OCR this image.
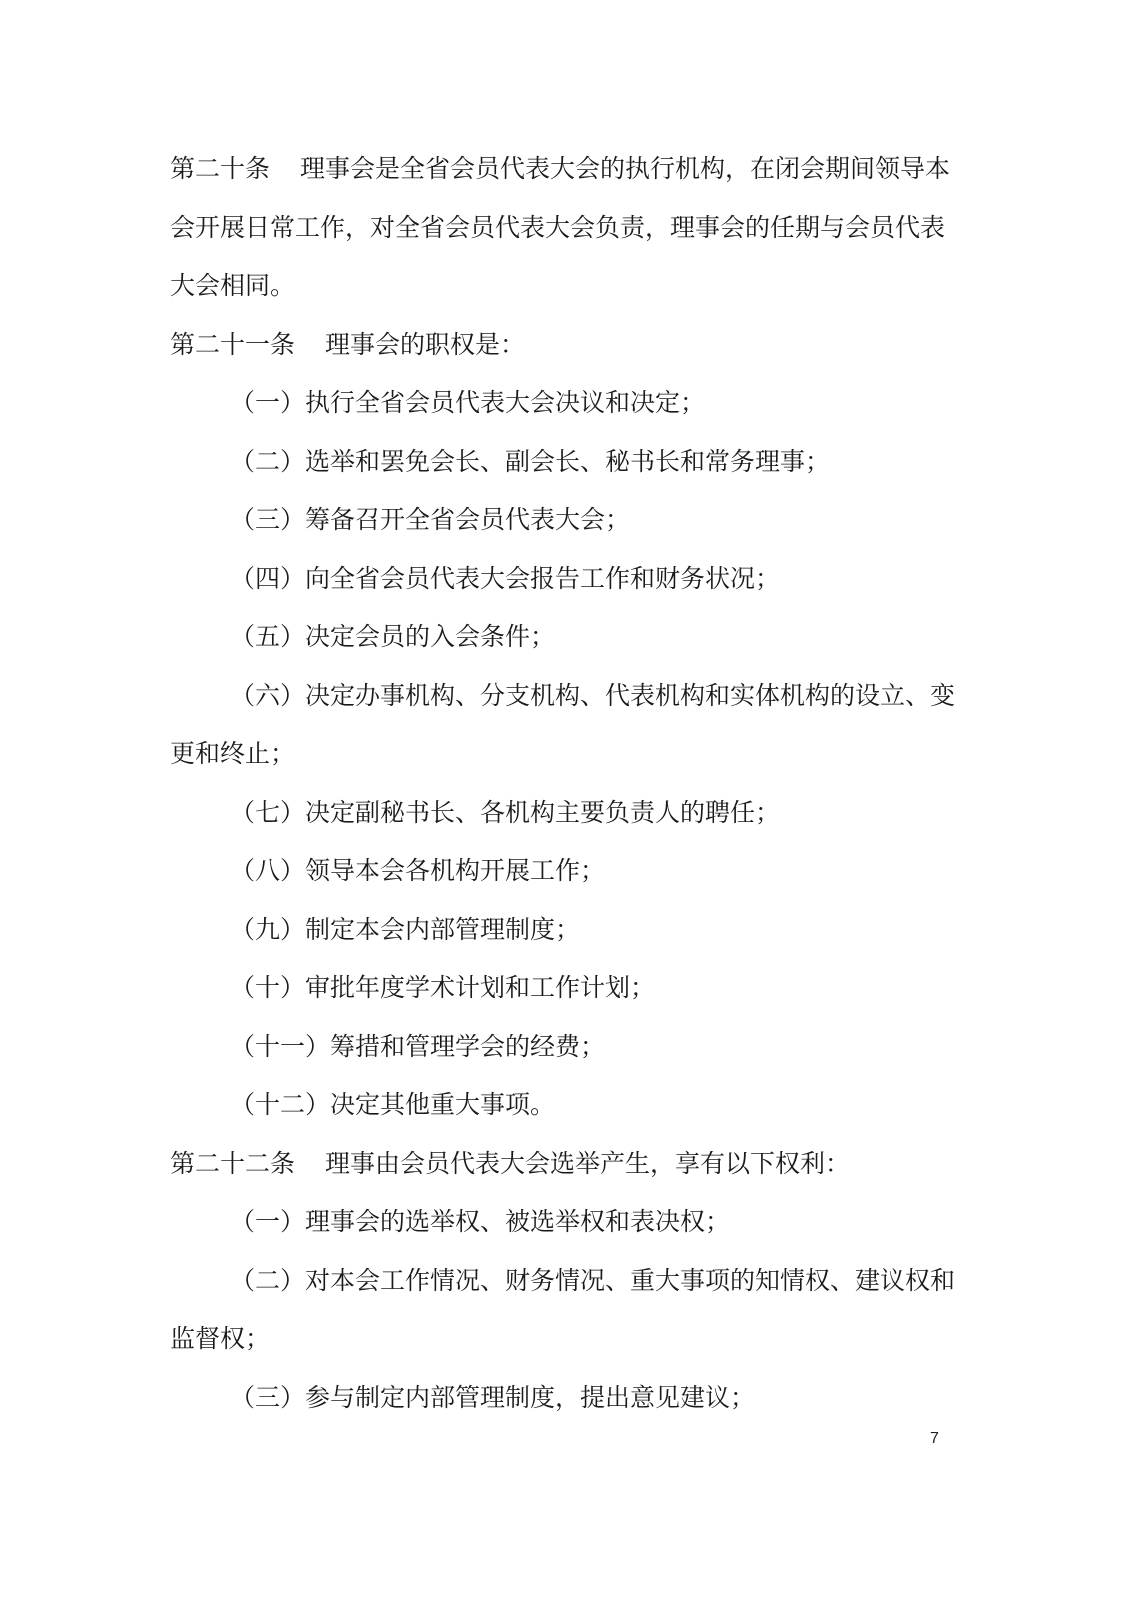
第二十条 理事会是全省会员代表大会的执行机构，在闭会期间领导本
会开展日常工作，对全省会员代表大会负责，理事会的任期与会员代表
大会相同。
第二十一条 理事会的职权是：
（一）执行全省会员代表大会决议和决定；
（二）选举和罢免会长、副会长、秘书长和常务理事；
（三）筹备召开全省会员代表大会；
（四）向全省会员代表大会报告工作和财务状况；
（五）决定会员的入会条件；
（六）决定办事机构、分支机构、代表机构和实体机构的设立、变
更和终止；
（七）决定副秘书长、各机构主要负责人的聘任；
（八）领导本会各机构开展工作；
（九）制定本会内部管理制度；
（十）审批年度学术计划和工作计划；
（十一）筹措和管理学会的经费；
（十二）决定其他重大事项。
第二十二条 理事由会员代表大会选举产生，享有以下权利：
（一）理事会的选举权、被选举权和表决权；
（二）对本会工作情况、财务情况、重大事项的知情权、建议权和
监督权；
（三）参与制定内部管理制度，提出意见建议；
7
